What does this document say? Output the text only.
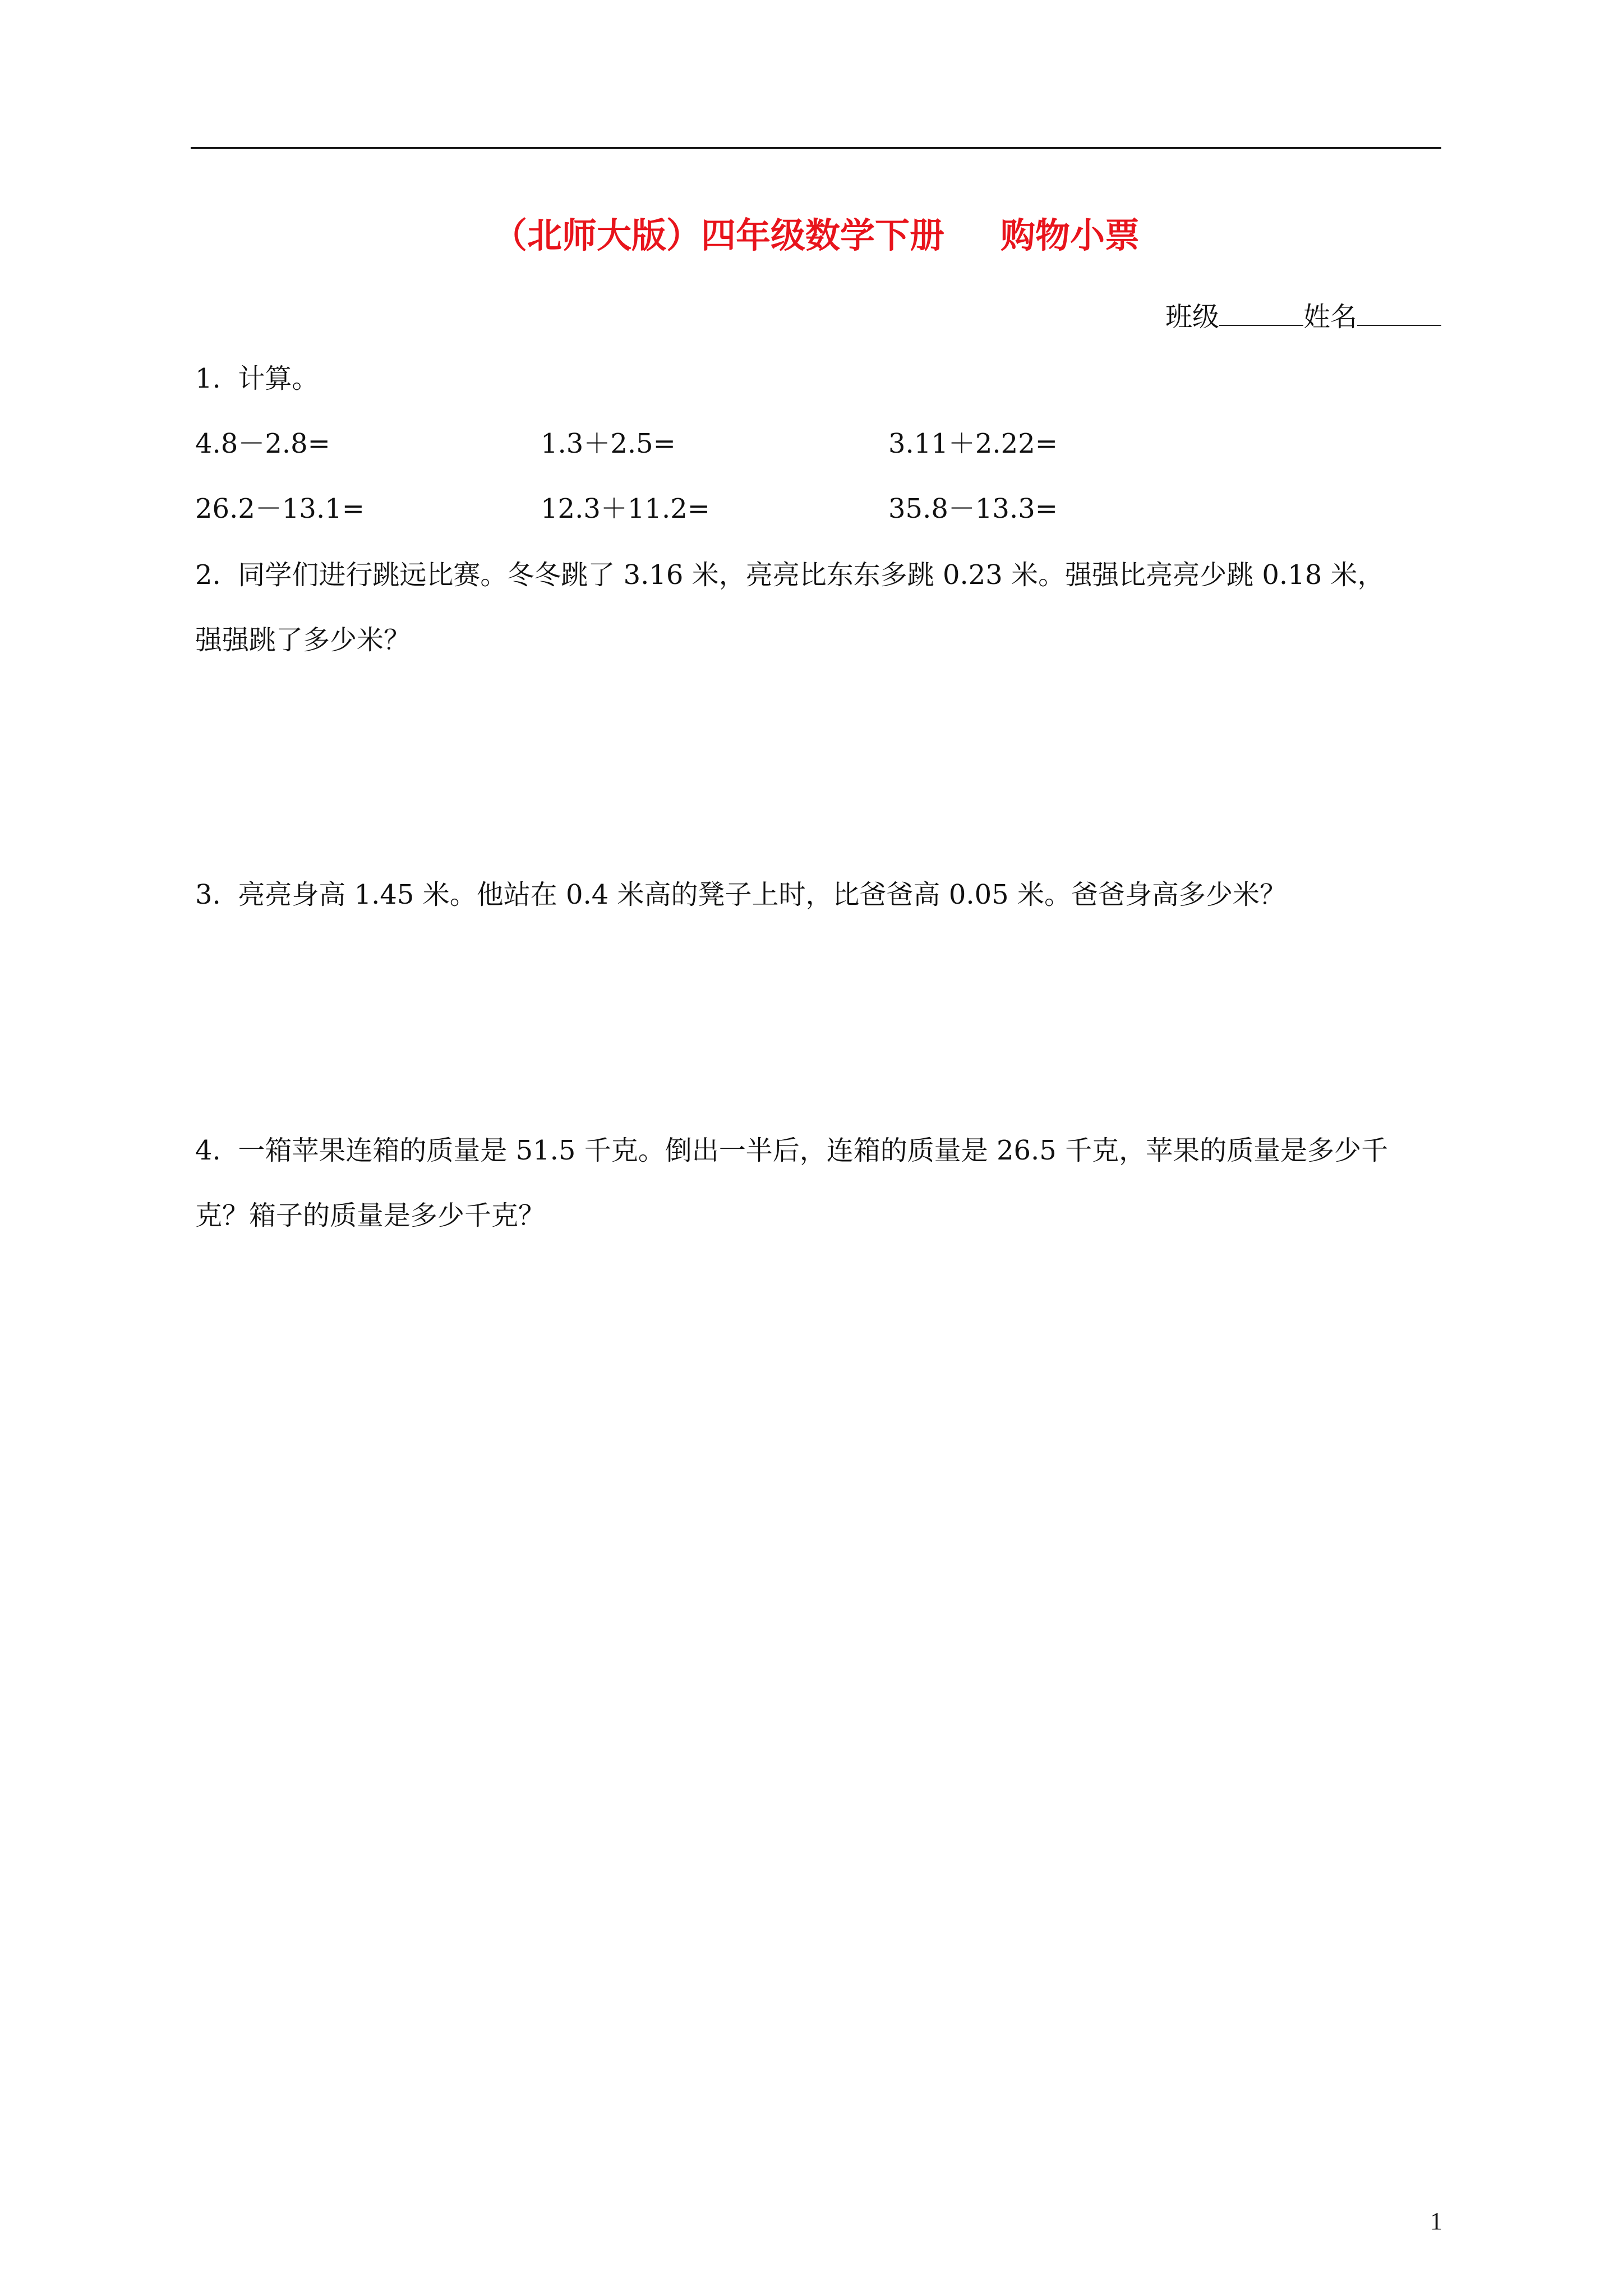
（北师大版）四年级数学下册 购物小票
班级	姓名
1.  计算。
4.8－2.8=	1.3＋2.5=	3.11＋2.22=
26.2－13.1=	12.3＋11.2=	35.8－13.3=
2.  同学们进行跳远比赛。冬冬跳了 3.16 米，亮亮比东东多跳 0.23 米。强强比亮亮少跳 0.18 米，
强强跳了多少米？
3.  亮亮身高 1.45 米。他站在 0.4 米高的凳子上时，比爸爸高 0.05 米。爸爸身高多少米？
4.  一箱苹果连箱的质量是 51.5 千克。倒出一半后，连箱的质量是 26.5 千克，苹果的质量是多少千
克？箱子的质量是多少千克？
1
